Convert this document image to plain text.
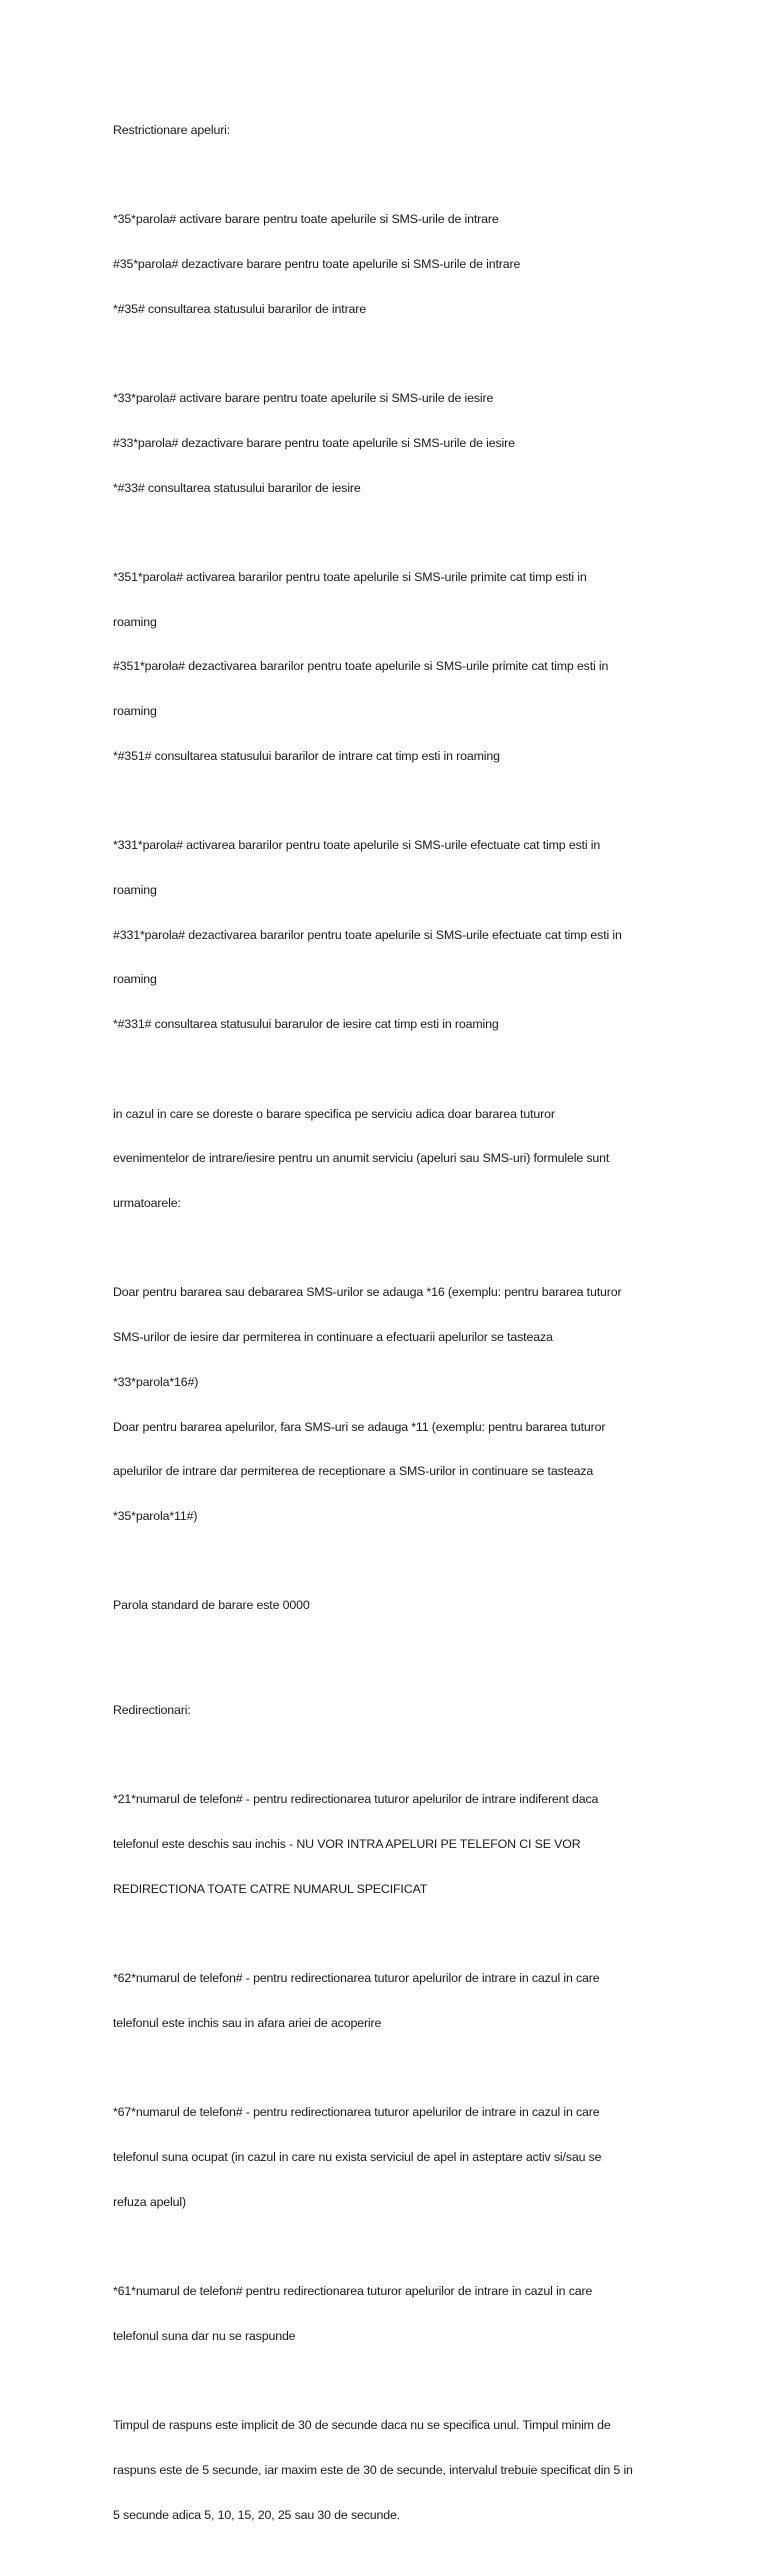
Restrictionare apeluri:

*35*parola# activare barare pentru toate apelurile si SMS-urile de intrare

#35*parola# dezactivare barare pentru toate apelurile si SMS-urile de intrare

*#35# consultarea statusului bararilor de intrare

*33*parola# activare barare pentru toate apelurile si SMS-urile de iesire

#33*parola# dezactivare barare pentru toate apelurile si SMS-urile de iesire

*#33# consultarea statusului bararilor de iesire

*351*parola# activarea bararilor pentru toate apelurile si SMS-urile primite cat timp esti in

roaming

#351*parola# dezactivarea bararilor pentru toate apelurile si SMS-urile primite cat timp esti in

roaming

*#351# consultarea statusului bararilor de intrare cat timp esti in roaming

*331*parola# activarea bararilor pentru toate apelurile si SMS-urile efectuate cat timp esti in

roaming

#331*parola# dezactivarea bararilor pentru toate apelurile si SMS-urile efectuate cat timp esti in

roaming

*#331# consultarea statusului bararulor de iesire cat timp esti in roaming

in cazul in care se doreste o barare specifica pe serviciu adica doar bararea tuturor

evenimentelor de intrare/iesire pentru un anumit serviciu (apeluri sau SMS-uri) formulele sunt

urmatoarele:

Doar pentru bararea sau debararea SMS-urilor se adauga *16 (exemplu: pentru bararea tuturor

SMS-urilor de iesire dar permiterea in continuare a efectuarii apelurilor se tasteaza

*33*parola*16#)

Doar pentru bararea apelurilor, fara SMS-uri se adauga *11 (exemplu: pentru bararea tuturor

apelurilor de intrare dar permiterea de receptionare a SMS-urilor in continuare se tasteaza

*35*parola*11#)

Parola standard de barare este 0000

Redirectionari:

*21*numarul de telefon# - pentru redirectionarea tuturor apelurilor de intrare indiferent daca

telefonul este deschis sau inchis - NU VOR INTRA APELURI PE TELEFON CI SE VOR

REDIRECTIONA TOATE CATRE NUMARUL SPECIFICAT

*62*numarul de telefon# - pentru redirectionarea tuturor apelurilor de intrare in cazul in care

telefonul este inchis sau in afara ariei de acoperire

*67*numarul de telefon# - pentru redirectionarea tuturor apelurilor de intrare in cazul in care

telefonul suna ocupat (in cazul in care nu exista serviciul de apel in asteptare activ si/sau se

refuza apelul)

*61*numarul de telefon# pentru redirectionarea tuturor apelurilor de intrare in cazul in care

telefonul suna dar nu se raspunde

Timpul de raspuns este implicit de 30 de secunde daca nu se specifica unul. Timpul minim de

raspuns este de 5 secunde, iar maxim este de 30 de secunde, intervalul trebuie specificat din 5 in

5 secunde adica 5, 10, 15, 20, 25 sau 30 de secunde.
